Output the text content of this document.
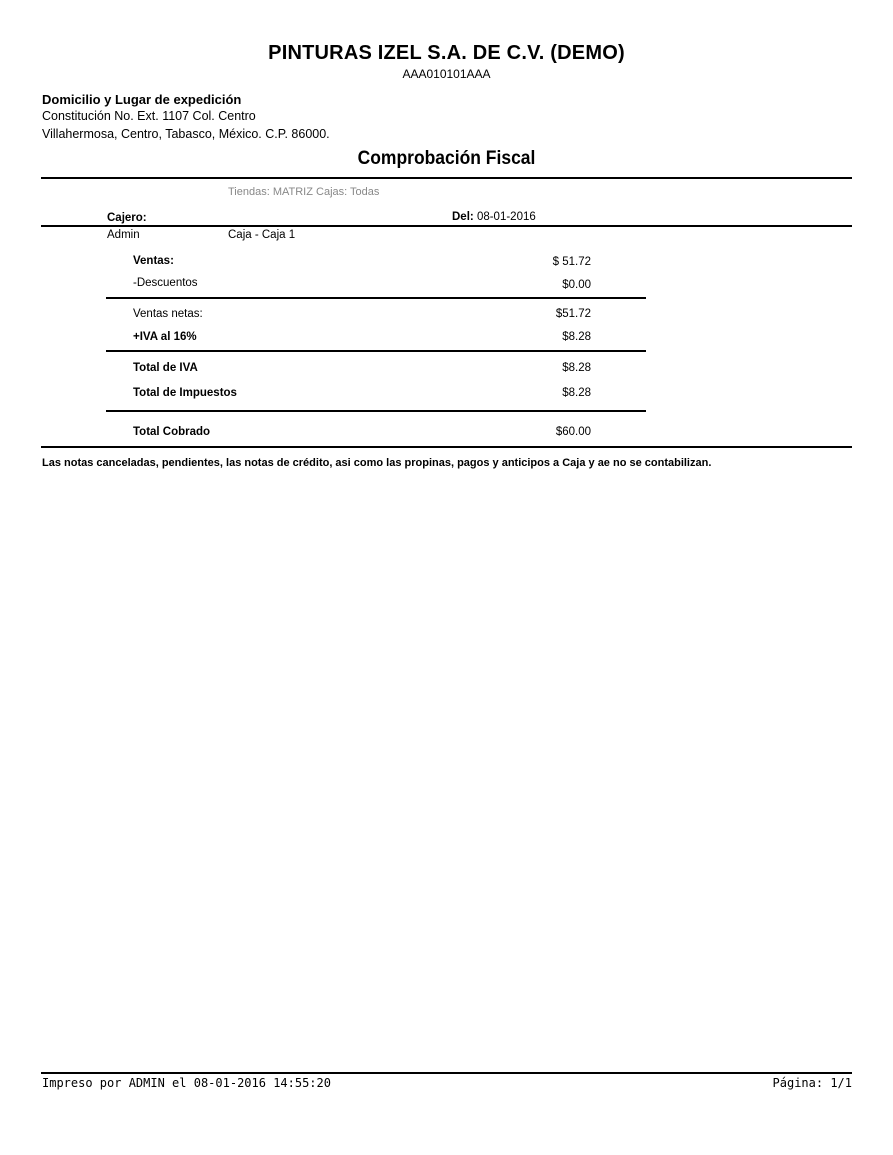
PINTURAS IZEL S.A. DE C.V. (DEMO)
AAA010101AAA
Domicilio y Lugar de expedición
Constitución No. Ext. 1107 Col. Centro
Villahermosa, Centro, Tabasco, México. C.P. 86000.
Comprobación Fiscal
Tiendas: MATRIZ Cajas: Todas
Cajero:	Del: 08-01-2016
Admin	Caja - Caja 1
Ventas:	$ 51.72
-Descuentos	$0.00
Ventas netas:	$51.72
+IVA al 16%	$8.28
Total de IVA	$8.28
Total de Impuestos	$8.28
Total Cobrado	$60.00
Las notas canceladas, pendientes, las notas de crédito, asi como las propinas, pagos y anticipos a Caja y ae no se contabilizan.
Impreso por ADMIN el 08-01-2016 14:55:20	Página: 1/1
